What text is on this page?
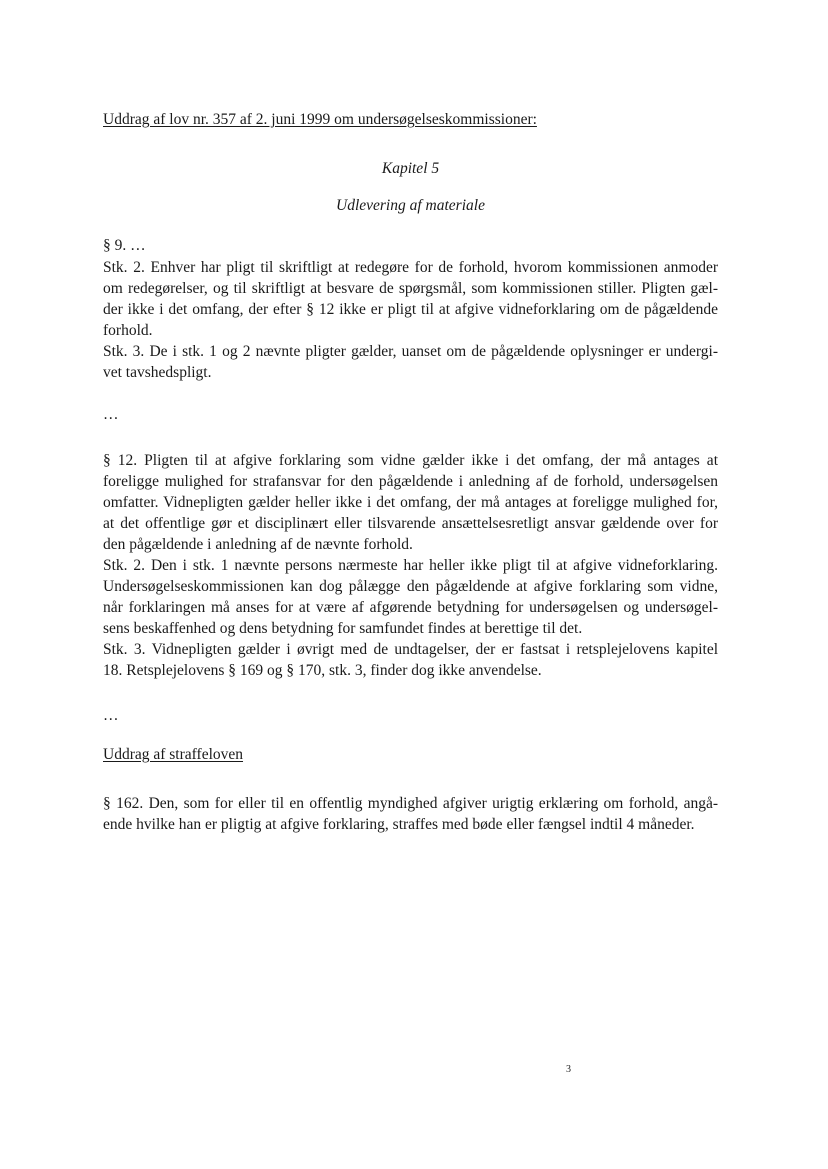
Uddrag af lov nr. 357 af 2. juni 1999 om undersøgelseskommissioner:
Kapitel 5
Udlevering af materiale
§ 9. …
Stk. 2. Enhver har pligt til skriftligt at redegøre for de forhold, hvorom kommissionen anmoder
om redegørelser, og til skriftligt at besvare de spørgsmål, som kommissionen stiller. Pligten gæl-
der ikke i det omfang, der efter § 12 ikke er pligt til at afgive vidneforklaring om de pågældende
forhold.
Stk. 3. De i stk. 1 og 2 nævnte pligter gælder, uanset om de pågældende oplysninger er undergi-
vet tavshedspligt.
…
§ 12. Pligten til at afgive forklaring som vidne gælder ikke i det omfang, der må antages at
foreligge mulighed for strafansvar for den pågældende i anledning af de forhold, undersøgelsen
omfatter. Vidnepligten gælder heller ikke i det omfang, der må antages at foreligge mulighed for,
at det offentlige gør et disciplinært eller tilsvarende ansættelsesretligt ansvar gældende over for
den pågældende i anledning af de nævnte forhold.
Stk. 2. Den i stk. 1 nævnte persons nærmeste har heller ikke pligt til at afgive vidneforklaring.
Undersøgelseskommissionen kan dog pålægge den pågældende at afgive forklaring som vidne,
når forklaringen må anses for at være af afgørende betydning for undersøgelsen og undersøgel-
sens beskaffenhed og dens betydning for samfundet findes at berettige til det.
Stk. 3. Vidnepligten gælder i øvrigt med de undtagelser, der er fastsat i retsplejelovens kapitel
18. Retsplejelovens § 169 og § 170, stk. 3, finder dog ikke anvendelse.
…
Uddrag af straffeloven
§ 162. Den, som for eller til en offentlig myndighed afgiver urigtig erklæring om forhold, angå-
ende hvilke han er pligtig at afgive forklaring, straffes med bøde eller fængsel indtil 4 måneder.
3
